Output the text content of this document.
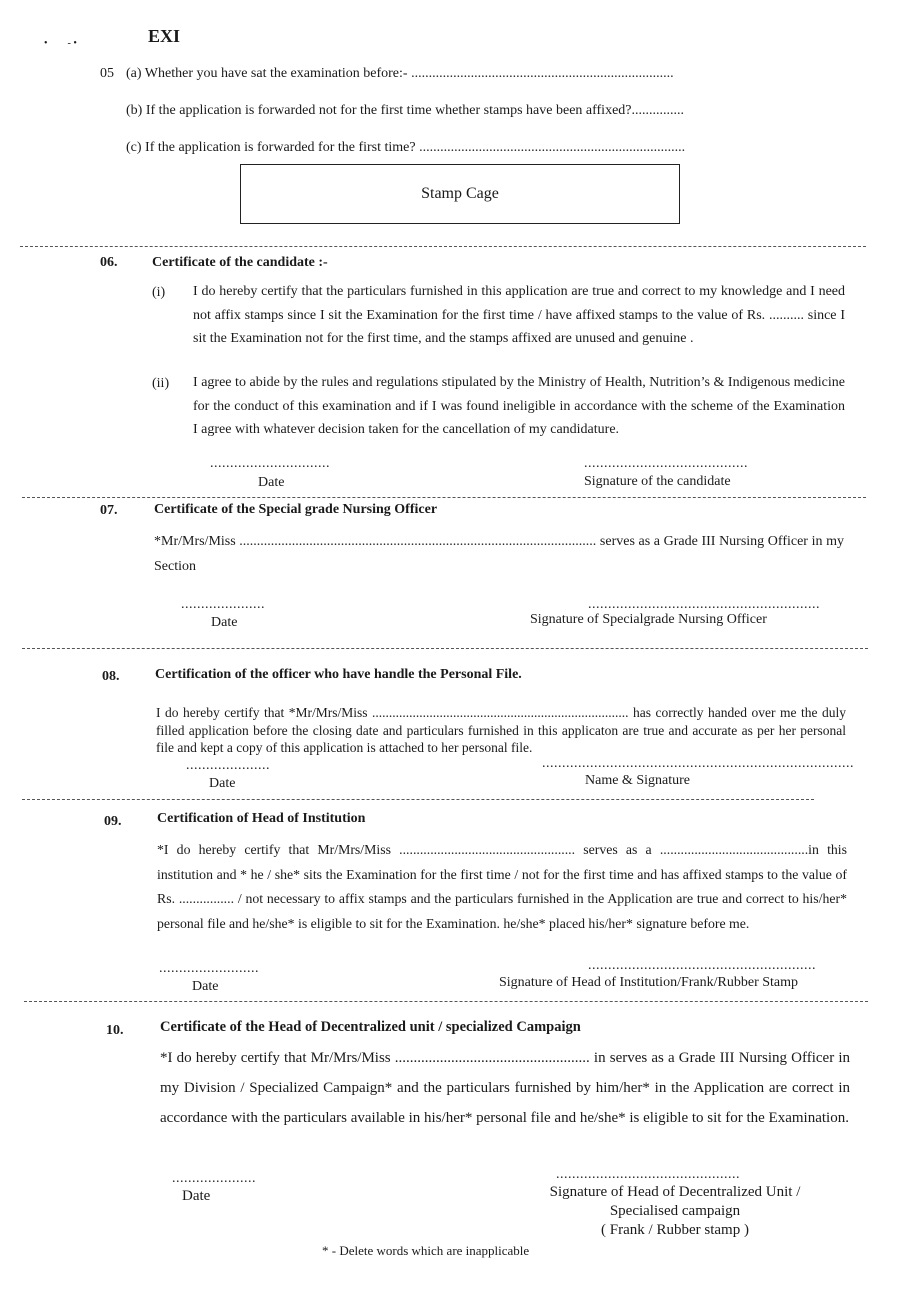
•        - •	EXI
05 (a) Whether you have sat the examination before:- ...........................................................................
(b) If the application is forwarded not for the first time whether stamps have been affixed?...............
(c) If the application is forwarded for the first time? ............................................................................
Stamp Cage
06. Certificate of the candidate :-
(i) I do hereby certify that the particulars furnished in this application are true and correct to my knowledge and I need not affix stamps since I sit the Examination for the first time / have affixed stamps to the value of Rs. .......... since I sit the Examination not for the first time, and the stamps affixed are unused and genuine .
(ii) I agree to abide by the rules and regulations stipulated by the Ministry of Health, Nutrition’s & Indigenous medicine for the conduct of this examination and if I was found ineligible in accordance with the scheme of the Examination I agree with whatever decision taken for the cancellation of my candidature.
..............................
Date
.........................................
Signature of the candidate
07.	Certificate of the Special grade Nursing Officer
*Mr/Mrs/Miss ...................................................................................................... serves as a Grade III Nursing Officer in my Section
.....................
Date
..........................................................
Signature of Specialgrade Nursing Officer
08.	Certification of the officer who have handle the Personal File.
I do hereby certify that *Mr/Mrs/Miss ............................................................................ has correctly handed over me the duly filled application before the closing date and particulars furnished in this applicaton are true and accurate as per her personal file and kept a copy of this application is attached to her personal file.
.....................
Date
..............................................................................
Name & Signature
09.	Certification of Head of Institution
*I do hereby certify that Mr/Mrs/Miss ................................................... serves as a ...........................................in this institution and * he / she* sits the Examination for the first time / not for the first time and has affixed stamps to the value of Rs. ................ / not necessary to affix stamps and the particulars furnished in the Application are true and correct to his/her* personal file and he/she* is eligible to sit for the Examination. he/she* placed his/her* signature before me.
.........................
Date
.........................................................
Signature of Head of Institution/Frank/Rubber Stamp
10.	Certificate of the Head of Decentralized unit / specialized Campaign
*I do hereby certify that Mr/Mrs/Miss .................................................... in serves as a Grade III Nursing Officer in my Division / Specialized Campaign* and the particulars furnished by him/her* in the Application are correct in accordance with the particulars available in his/her* personal file and he/she* is eligible to sit for the Examination.
.....................
Date
..............................................
Signature of Head of Decentralized Unit /
Specialised campaign
( Frank / Rubber stamp )
* - Delete words which are inapplicable
